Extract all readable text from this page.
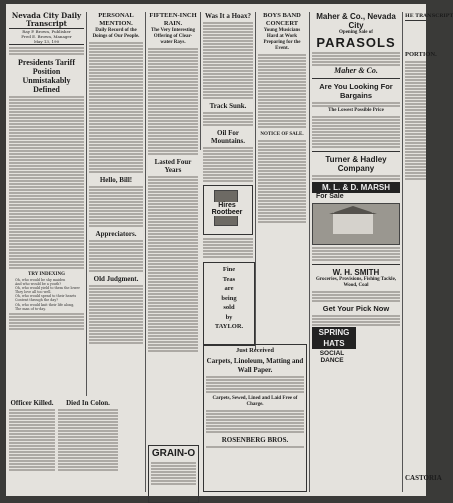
Nevada City Daily Transcript
Ray P. Brown, Publisher
Fred E. Brown, Manager
May 13, 190
Presidents Tariff Position Unmistakably Defined
TRY INDEXING
Oh, who would be shy maiden
And who would be a youth?
Oh, who would yield to them the lower
They love all too well.
Oh, who would spend to their hearts
Content through the day?
Oh, who would knit their life along,
The man of to-day.
Officer Killed.	Died In Colon.
PERSONAL MENTION.
Daily Record of the Doings of Our People.
Hello, Bill!
Appreciators.
Old Judgment.
FIFTEEN-INCH RAIN.
The Very Interesting Offering of Clear-water Rays.
Lasted Four Years
GRAIN-O
Was It a Hoax?
Track Sunk.
Oil For Mountains.
Hires Rootbeer
BOYS BAND CONCERT
Young Musicians Hard at Work Preparing for the Event.
NOTICE OF SALE.
Fine
Teas
are
being
sold
by
TAYLOR.
Just Received
Carpets, Linoleum, Matting and Wall Paper.
Carpets, Sewed, Lined and Laid Free of Charge.
ROSENBERG BROS.
Maher & Co., Nevada City
Opening Sale of
PARASOLS
Maher & Co.
Are You Looking For Bargains
The Lowest Possible Price
Turner & Hadley Company
M. L. & D. MARSH
For Sale
W. H. SMITH
Groceries, Provisions, Fishing Tackle, Wood, Coal
Get Your Pick Now
SPRING HATS SOCIAL DANCE
HE TRANSCRIPT
PORTION.
CASTORIA
